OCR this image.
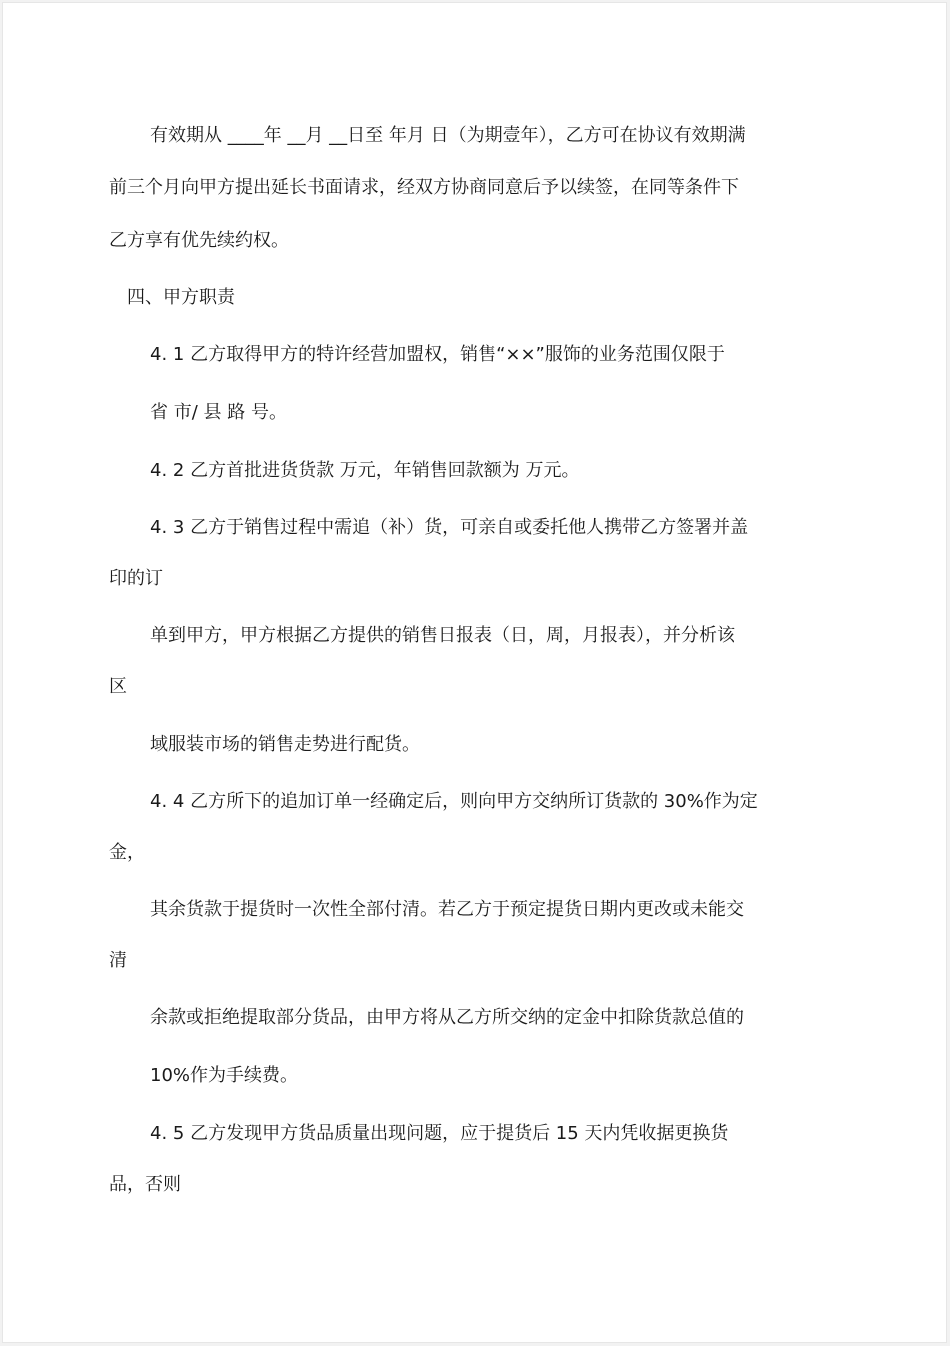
有效期从 ____年 __月 __日至 年月 日（为期壹年），乙方可在协议有效期满

前三个月向甲方提出延长书面请求，经双方协商同意后予以续签，在同等条件下

乙方享有优先续约权。

四、甲方职责

4. 1 乙方取得甲方的特许经营加盟权，销售“××”服饰的业务范围仅限于

省 市/ 县 路 号。

4. 2 乙方首批进货货款 万元，年销售回款额为 万元。

4. 3 乙方于销售过程中需追（补）货，可亲自或委托他人携带乙方签署并盖

印的订

单到甲方，甲方根据乙方提供的销售日报表（日，周，月报表），并分析该

区

域服装市场的销售走势进行配货。

4. 4 乙方所下的追加订单一经确定后，则向甲方交纳所订货款的 30%作为定

金，

其余货款于提货时一次性全部付清。若乙方于预定提货日期内更改或未能交

清

余款或拒绝提取部分货品，由甲方将从乙方所交纳的定金中扣除货款总值的

10%作为手续费。

4. 5 乙方发现甲方货品质量出现问题，应于提货后 15 天内凭收据更换货

品，否则
